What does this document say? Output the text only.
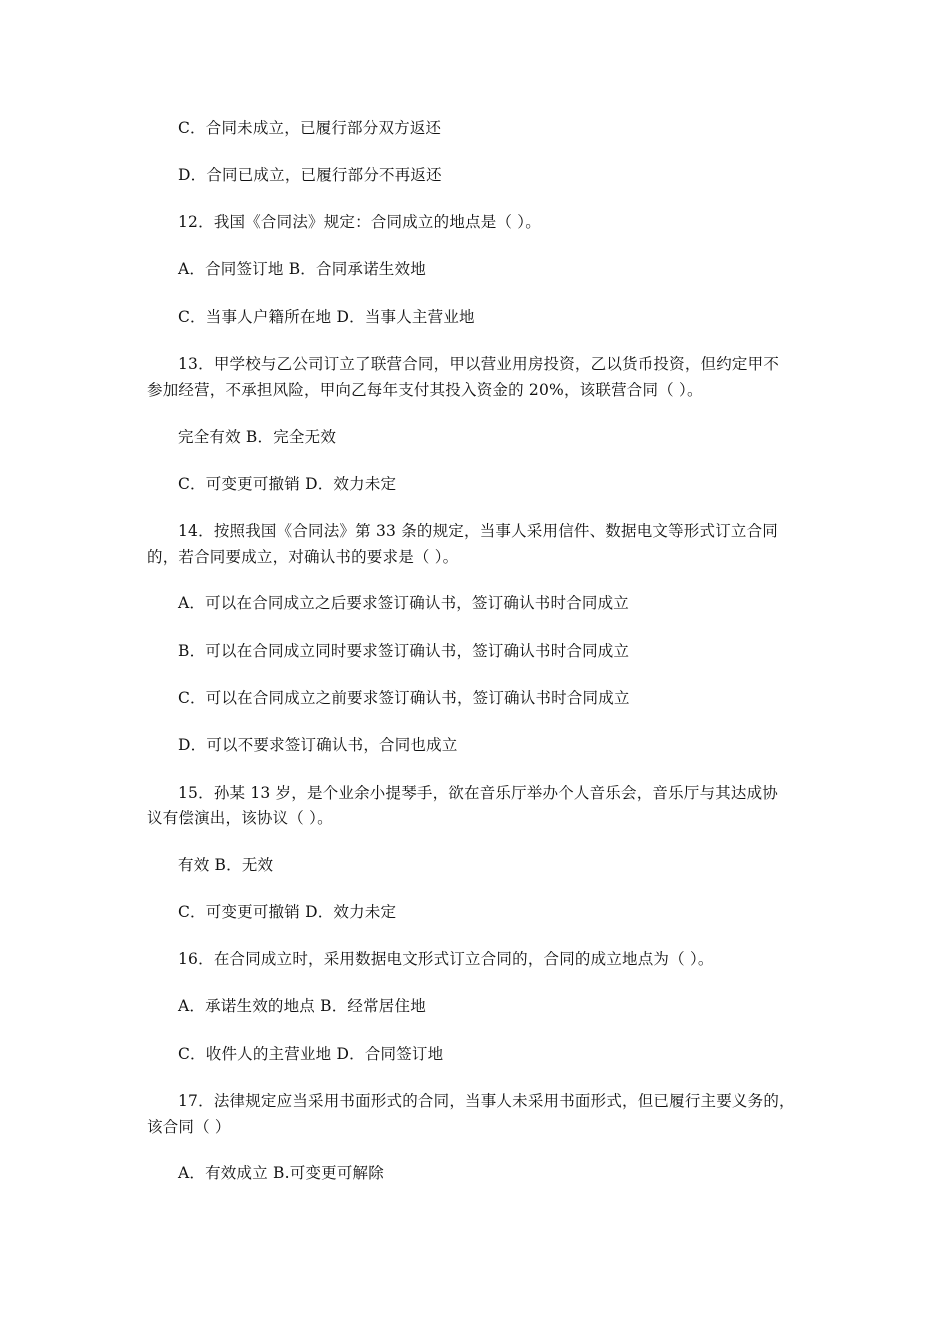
C．合同未成立，已履行部分双方返还
D．合同已成立，已履行部分不再返还
12．我国《合同法》规定：合同成立的地点是（ ）。
A．合同签订地 B．合同承诺生效地
C．当事人户籍所在地 D．当事人主营业地
13．甲学校与乙公司订立了联营合同，甲以营业用房投资，乙以货币投资，但约定甲不
参加经营，不承担风险，甲向乙每年支付其投入资金的 20%，该联营合同（ ）。
完全有效 B．完全无效
C．可变更可撤销 D．效力未定
14．按照我国《合同法》第 33 条的规定，当事人采用信件、数据电文等形式订立合同
的，若合同要成立，对确认书的要求是（ ）。
A．可以在合同成立之后要求签订确认书，签订确认书时合同成立
B．可以在合同成立同时要求签订确认书，签订确认书时合同成立
C．可以在合同成立之前要求签订确认书，签订确认书时合同成立
D．可以不要求签订确认书，合同也成立
15．孙某 13 岁，是个业余小提琴手，欲在音乐厅举办个人音乐会，音乐厅与其达成协
议有偿演出，该协议（ ）。
有效 B．无效
C．可变更可撤销 D．效力未定
16．在合同成立时，采用数据电文形式订立合同的，合同的成立地点为（ ）。
A．承诺生效的地点 B．经常居住地
C．收件人的主营业地 D．合同签订地
17．法律规定应当采用书面形式的合同，当事人未采用书面形式，但已履行主要义务的，
该合同（ ）
A．有效成立 B.可变更可解除
